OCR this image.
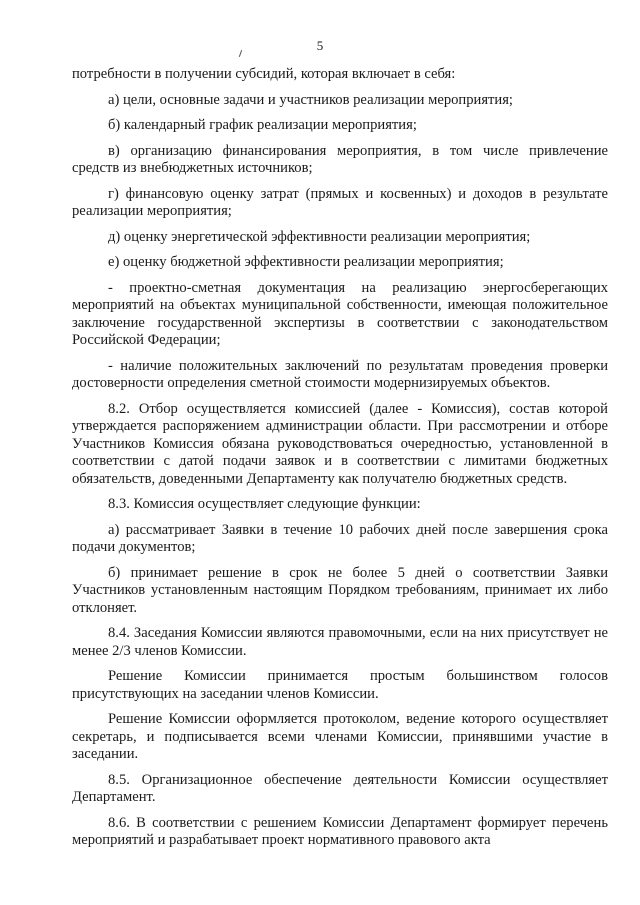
5

потребности в получении субсидий, которая включает в себя:

а) цели, основные задачи и участников реализации мероприятия;

б) календарный график реализации мероприятия;

в) организацию финансирования мероприятия, в том числе привлечение средств из внебюджетных источников;

г) финансовую оценку затрат (прямых и косвенных) и доходов в результате реализации мероприятия;

д) оценку энергетической эффективности реализации мероприятия;

е) оценку бюджетной эффективности реализации мероприятия;

- проектно-сметная документация на реализацию энергосберегающих мероприятий на объектах муниципальной собственности, имеющая положительное заключение государственной экспертизы в соответствии с законодательством Российской Федерации;

- наличие положительных заключений по результатам проведения проверки достоверности определения сметной стоимости модернизируемых объектов.

8.2. Отбор осуществляется комиссией (далее - Комиссия), состав которой утверждается распоряжением администрации области. При рассмотрении и отборе Участников Комиссия обязана руководствоваться очередностью, установленной в соответствии с датой подачи заявок и в соответствии с лимитами бюджетных обязательств, доведенными Департаменту как получателю бюджетных средств.

8.3. Комиссия осуществляет следующие функции:

а) рассматривает Заявки в течение 10 рабочих дней после завершения срока подачи документов;

б) принимает решение в срок не более 5 дней о соответствии Заявки Участников установленным настоящим Порядком требованиям, принимает их либо отклоняет.

8.4. Заседания Комиссии являются правомочными, если на них присутствует не менее 2/3 членов Комиссии.

Решение Комиссии принимается простым большинством голосов присутствующих на заседании членов Комиссии.

Решение Комиссии оформляется протоколом, ведение которого осуществляет секретарь, и подписывается всеми членами Комиссии, принявшими участие в заседании.

8.5. Организационное обеспечение деятельности Комиссии осуществляет Департамент.

8.6. В соответствии с решением Комиссии Департамент формирует перечень мероприятий и разрабатывает проект нормативного правового акта
